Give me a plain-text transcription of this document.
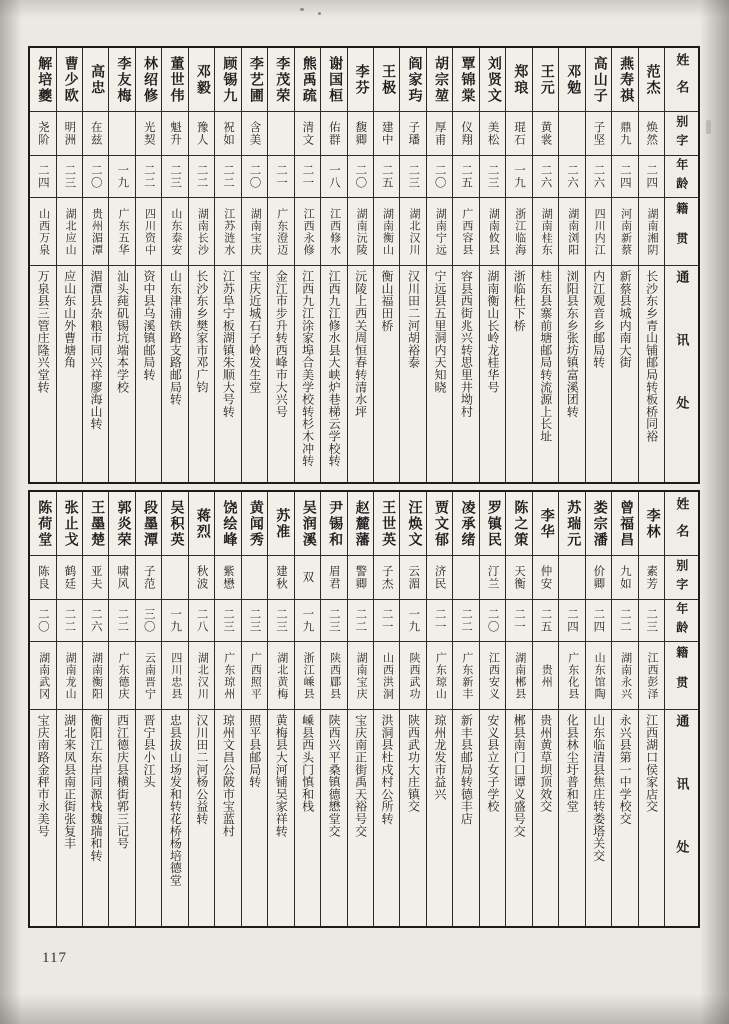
姓名
别字
年龄
籍贯
通讯处
范杰
焕然
二四
湖南湘阴
长沙东乡青山铺邮局转板桥同裕
燕寿祺
鼎九
二四
河南新蔡
新蔡县城内南大街
高山子
子坚
二六
四川内江
内江观音乡邮局转
邓勉
二六
湖南浏阳
浏阳县东乡张坊镇富溪团转
王元
黄裳
二六
湖南桂东
桂东县寨前塘邮局转流源上长址
郑琅
琨石
一九
浙江临海
浙临杜下桥
刘贤文
美松
二三
湖南攸县
湖南衡山长岭龙桂华号
覃锦棠
仪翔
二五
广西容县
容县西街兆兴转思里井坳村
胡宗堃
厚甫
二〇
湖南宁远
宁远县五里洞内天知晓
阎家玙
子璠
二三
湖北汉川
汉川田二河胡裕泰
王极
建中
二五
湖南衡山
衡山福田桥
李芬
馥卿
二〇
湖南沅陵
沅陵上西关周恒春转清水坪
谢国桓
佑群
一八
江西修水
江西九江修水县大峡炉巷梯云学校转
熊禹疏
清文
二一
江西永修
江西九江涂家埠合美学校转杉木冲转
李茂荣
二一
广东澄迈
金江市步升转西峰市大兴号
李艺圃
含美
二〇
湖南宝庆
宝庆近城石子岭发生堂
顾锡九
祝如
二二
江苏涟水
江苏阜宁板湖镇朱顺大号转
邓毅
豫人
二二
湖南长沙
长沙东乡樊家市邓广钧
董世伟
魁升
二三
山东泰安
山东津浦铁路支路邮局转
林绍修
光契
二二
四川资中
资中县乌溪镇邮局转
李友梅
一九
广东五华
汕头莼矶锡坑端本学校
高忠
在兹
二〇
贵州湄潭
湄潭县杂粮市同兴祥廖海山转
曹少欧
明洲
二三
湖北应山
应山东山外曹塘角
解培夔
尧阶
二四
山西万泉
万泉县三管庄隆兴堂转
姓名
别字
年龄
籍贯
通讯处
李林
素芳
二三
江西彭泽
江西湖口侯家店交
曾福昌
九如
二二
湖南永兴
永兴县第一中学校交
娄宗潘
价卿
二四
山东馆陶
山东临清县焦庄转娄塔关交
苏瑞元
二四
广东化县
化县林尘圩普和堂
李华
仲安
二五
贵州
贵州黄草坝顶效交
陈之策
天衡
二一
湖南郴县
郴县南门口谭义盛号交
罗镇民
汀兰
二〇
江西安义
安义县立女子学校
凌承绪
二二
广东新丰
新丰县邮局转德丰店
贾文郁
济民
二一
广东琼山
琼州龙发市益兴
汪焕文
云湄
一九
陕西武功
陕西武功大庄镇交
王世英
子杰
二一
山西洪洞
洪洞县杜戍村公所转
赵麓藩
警卿
二二
湖南宝庆
宝庆南正街禹天裕号交
尹锡和
眉君
二三
陕西郿县
陕西兴平桑镇德懋堂交
吴润溪
双
一九
浙江嵊县
嵊县西头门慎和栈
苏准
建秋
二三
湖北黄梅
黄梅县大河铺吴家祥转
黄闻秀
二三
广西照平
照平县邮局转
饶绘峰
紫懋
二三
广东琼州
琼州文昌公陂市宝蓝村
蒋烈
秋波
二八
湖北汉川
汉川田二河杨公益转
吴积英
一九
四川忠县
忠县拔山场发和转花桥杨培德堂
段墨潭
子范
三〇
云南晋宁
晋宁县小江头
郭炎荣
啸风
二二
广东德庆
西江德庆县横街郭三记号
王墨楚
亚夫
二六
湖南衡阳
衡阳江东岸同源栈魏瑞和转
张止戈
鹤廷
二二
湖南龙山
湖北来凤县南正街张复丰
陈荷堂
陈良
二〇
湖南武冈
宝庆南路金秤市永美号
117
